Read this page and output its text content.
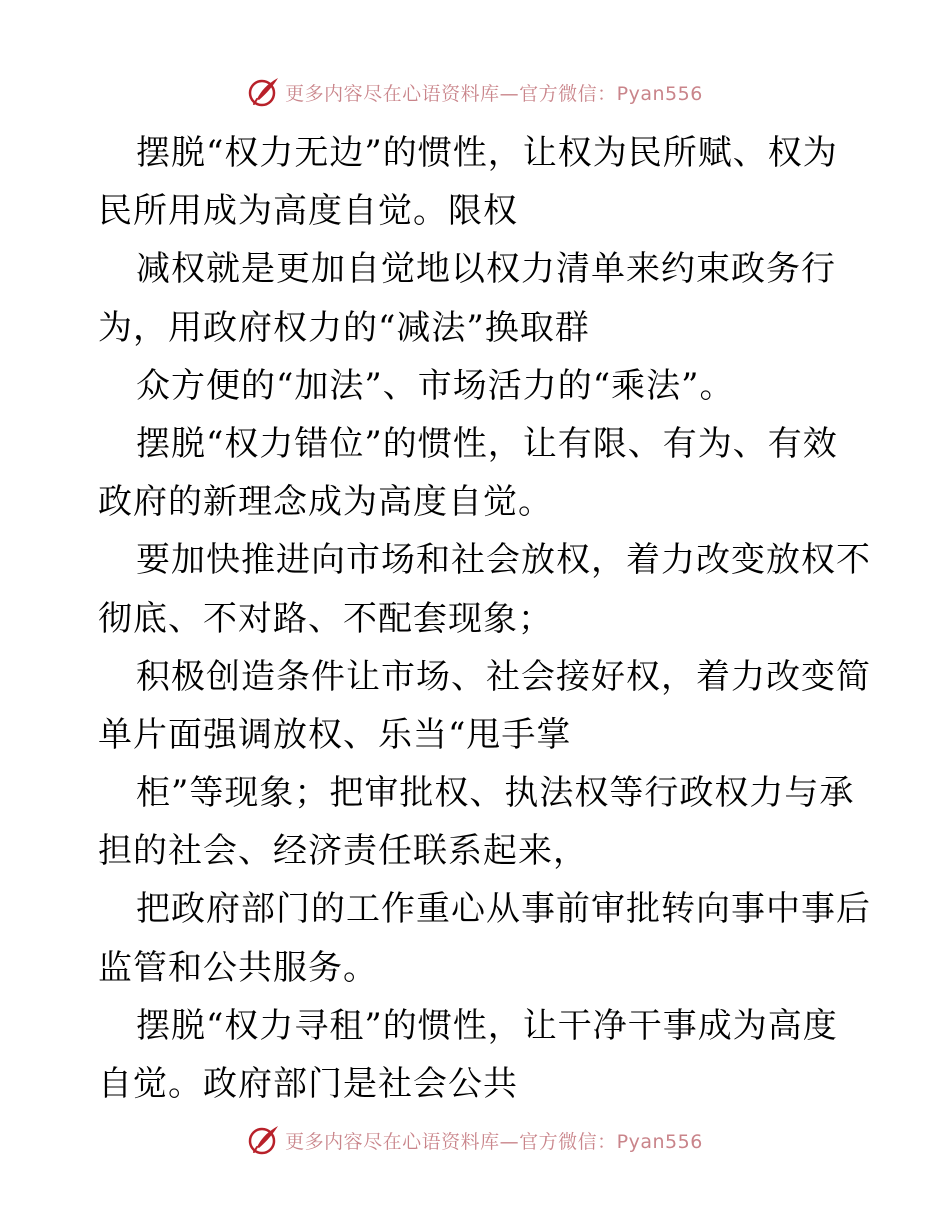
更多内容尽在心语资料库—官方微信：Pyan556
摆脱“权力无边”的惯性，让权为民所赋、权为
民所用成为高度自觉。限权
减权就是更加自觉地以权力清单来约束政务行
为，用政府权力的“减法”换取群
众方便的“加法”、市场活力的“乘法”。
摆脱“权力错位”的惯性，让有限、有为、有效
政府的新理念成为高度自觉。
要加快推进向市场和社会放权，着力改变放权不
彻底、不对路、不配套现象；
积极创造条件让市场、社会接好权，着力改变简
单片面强调放权、乐当“甩手掌
柜”等现象；把审批权、执法权等行政权力与承
担的社会、经济责任联系起来，
把政府部门的工作重心从事前审批转向事中事后
监管和公共服务。
摆脱“权力寻租”的惯性，让干净干事成为高度
自觉。政府部门是社会公共
更多内容尽在心语资料库—官方微信：Pyan556
